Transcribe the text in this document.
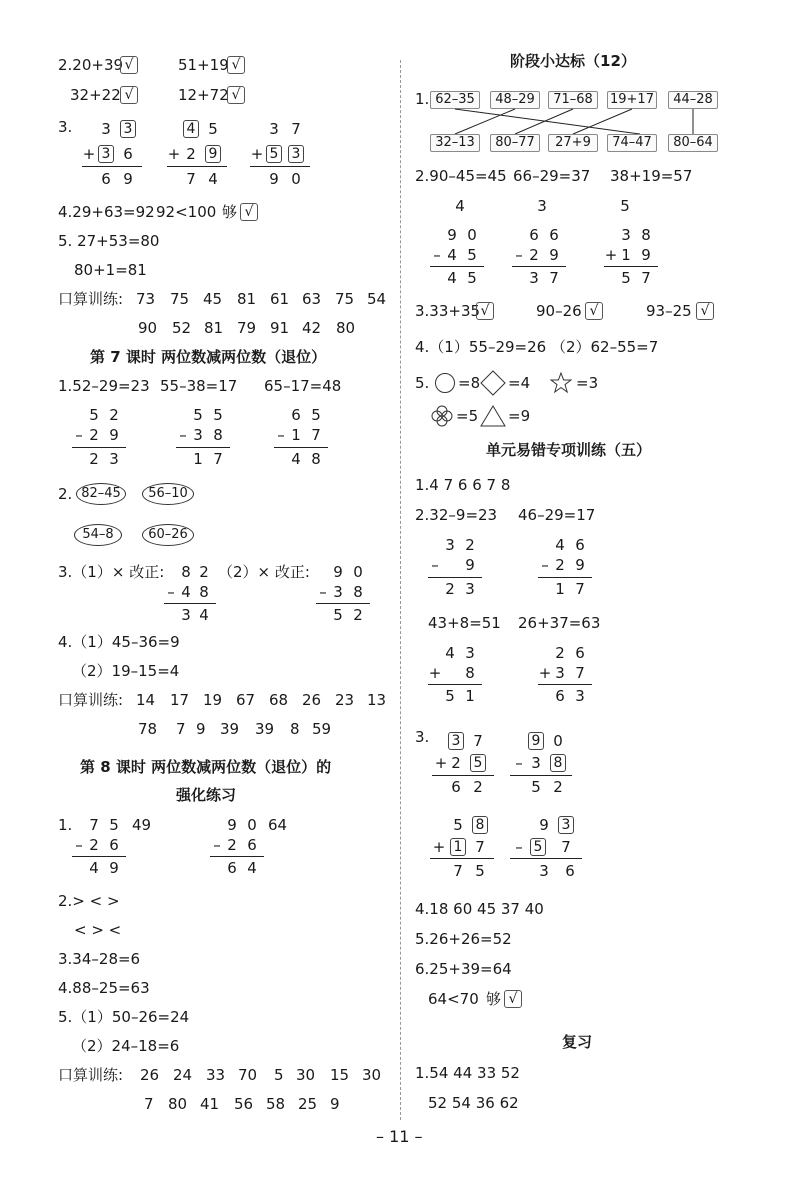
2.20+39 √	51+19 √
32+22 √	12+72 √
3. 3 3
+ 3 6
6 9
4 5
+ 2 9
7 4
3 7
+ 5 3
9 0
4.29+63=92 92<100 够 √
5. 27+53=80
80+1=81
口算训练: 73 75 45 81 61 63 75 54
90 52 81 79 91 42 80
第 7 课时 两位数减两位数（退位）
1.52–29=23 55–38=17 65–17=48
5 2
– 2 9
2 3
5 5
– 3 8
1 7
6 5
– 1 7
4 8
2. 82–45	56–10
54–8	60–26
3.（1）× 改正:	（2）× 改正:
8 2
– 4 8
3 4
9 0
– 3 8
5 2
4.（1）45–36=9
（2）19–15=4
口算训练: 14 17 19 67 68 26 23 13
78 7 9 39 39 8 59
第 8 课时 两位数减两位数（退位）的
强化练习
1. 7 5 49
– 2 6
4 9
9 0 64
– 2 6
6 4
2.> < >
< > <
3.34–28=6
4.88–25=63
5.（1）50–26=24
（2）24–18=6
口算训练: 26 24 33 70 5 30 15 30
7 80 41 56 58 25 9
阶段小达标（12）
1. 62–35	48–29	71–68	19+17	44–28
32–13	80–77	27+9	74–47	80–64
2.90–45=45 66–29=37 38+19=57
4	3	5
9 0
– 4 5
4 5
6 6
– 2 9
3 7
3 8
+ 1 9
5 7
3.33+35 √	90–26 √	93–25 √
4.（1）55–29=26 （2）62–55=7
5. =8 =4	=3
=5 =9
单元易错专项训练（五）
1.4 7 6 6 7 8
2.32–9=23 46–29=17
3 2
– 9
2 3
4 6
– 2 9
1 7
43+8=51 26+37=63
4 3
+ 8
5 1
2 6
+ 3 7
6 3
3. 3 7
+ 2 5
6 2
9 0
– 3 8
5 2
5 8
+ 1 7
7 5
9 3
– 5 7
3 6
4.18 60 45 37 40
5.26+26=52
6.25+39=64
64<70 够 √
复习
1.54 44 33 52
52 54 36 62
– 11 –
